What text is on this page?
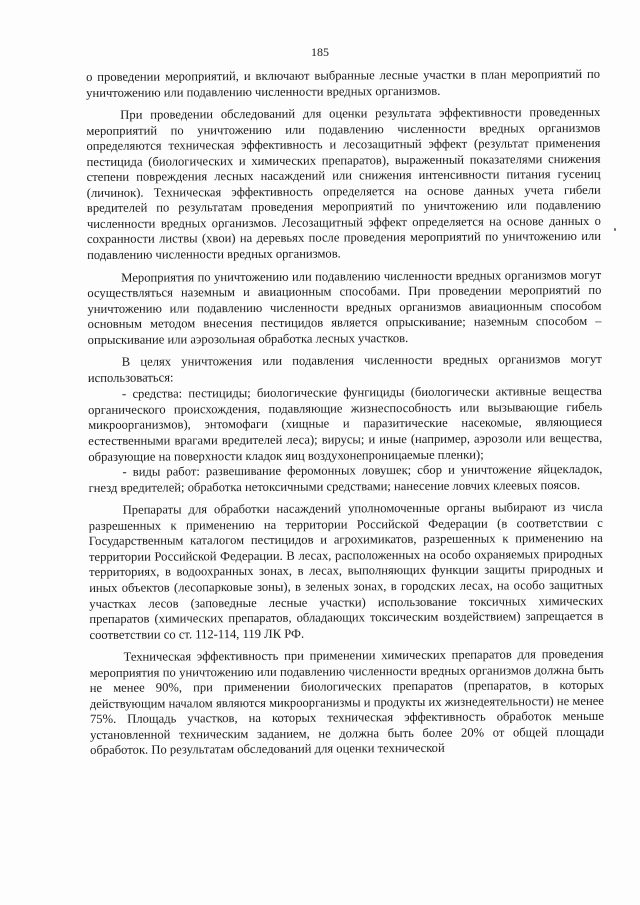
185

о проведении мероприятий, и включают выбранные лесные участки в план мероприятий по уничтожению или подавлению численности вредных организмов.

При проведении обследований для оценки результата эффективности проведенных мероприятий по уничтожению или подавлению численности вредных организмов определяются техническая эффективность и лесозащитный эффект (результат применения пестицида (биологических и химических препаратов), выраженный показателями снижения степени повреждения лесных насаждений или снижения интенсивности питания гусениц (личинок). Техническая эффективность определяется на основе данных учета гибели вредителей по результатам проведения мероприятий по уничтожению или подавлению численности вредных организмов. Лесозащитный эффект определяется на основе данных о сохранности листвы (хвои) на деревьях после проведения мероприятий по уничтожению или подавлению численности вредных организмов.

Мероприятия по уничтожению или подавлению численности вредных организмов могут осуществляться наземным и авиационным способами. При проведении мероприятий по уничтожению или подавлению численности вредных организмов авиационным способом основным методом внесения пестицидов является опрыскивание; наземным способом – опрыскивание или аэрозольная обработка лесных участков.

В целях уничтожения или подавления численности вредных организмов могут использоваться:

- средства: пестициды; биологические фунгициды (биологически активные вещества органического происхождения, подавляющие жизнеспособность или вызывающие гибель микроорганизмов), энтомофаги (хищные и паразитические насекомые, являющиеся естественными врагами вредителей леса); вирусы; и иные (например, аэрозоли или вещества, образующие на поверхности кладок яиц воздухонепроницаемые пленки);

- виды работ: развешивание феромонных ловушек; сбор и уничтожение яйцекладок, гнезд вредителей; обработка нетоксичными средствами; нанесение ловчих клеевых поясов.

Препараты для обработки насаждений уполномоченные органы выбирают из числа разрешенных к применению на территории Российской Федерации (в соответствии с Государственным каталогом пестицидов и агрохимикатов, разрешенных к применению на территории Российской Федерации. В лесах, расположенных на особо охраняемых природных территориях, в водоохранных зонах, в лесах, выполняющих функции защиты природных и иных объектов (лесопарковые зоны), в зеленых зонах, в городских лесах, на особо защитных участках лесов (заповедные лесные участки) использование токсичных химических препаратов (химических препаратов, обладающих токсическим воздействием) запрещается в соответствии со ст. 112-114, 119 ЛК РФ.

Техническая эффективность при применении химических препаратов для проведения мероприятия по уничтожению или подавлению численности вредных организмов должна быть не менее 90%, при применении биологических препаратов (препаратов, в которых действующим началом являются микроорганизмы и продукты их жизнедеятельности) не менее 75%. Площадь участков, на которых техническая эффективность обработок меньше установленной техническим заданием, не должна быть более 20% от общей площади обработок. По результатам обследований для оценки технической
